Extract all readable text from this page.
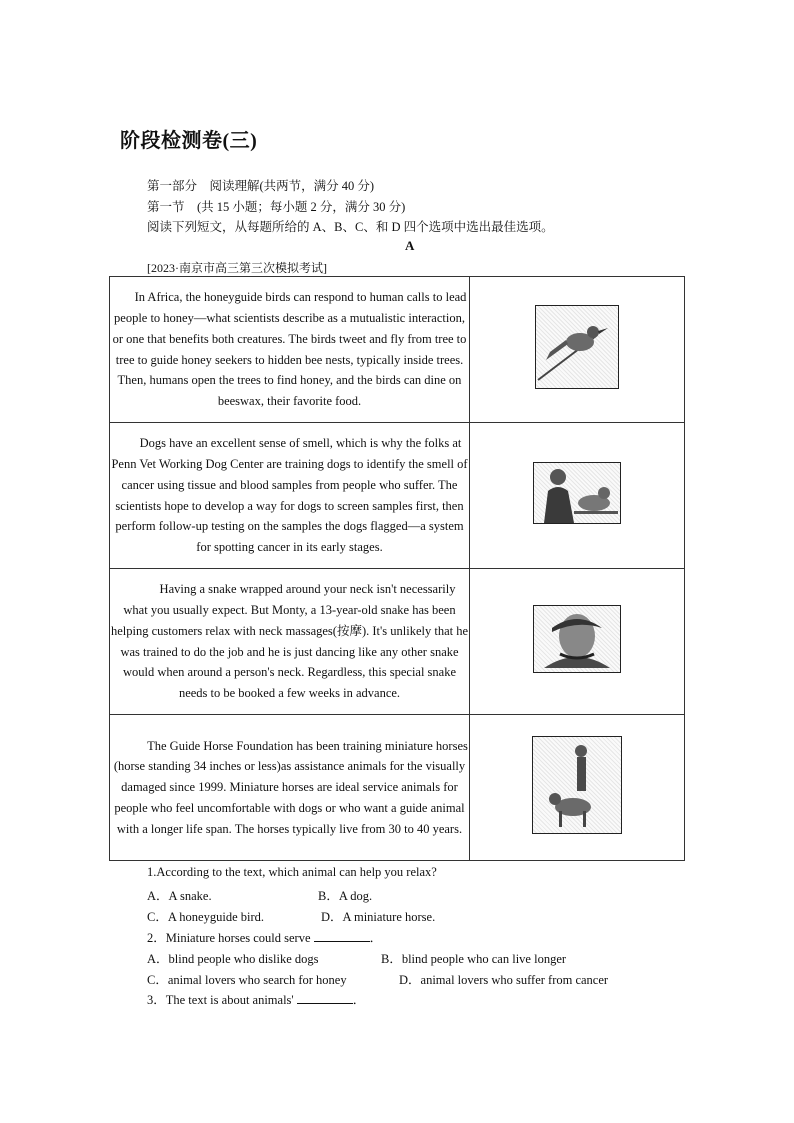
阶段检测卷(三)
第一部分　阅读理解(共两节，满分 40 分)
第一节　(共 15 小题；每小题 2 分，满分 30 分)
阅读下列短文，从每题所给的 A、B、C、和 D 四个选项中选出最佳选项。
A
[2023·南京市高三第三次模拟考试]
In Africa, the honeyguide birds can respond to human calls to lead people to honey—what scientists describe as a mutualistic interaction, or one that benefits both creatures. The birds tweet and fly from tree to tree to guide honey seekers to hidden bee nests, typically inside trees. Then, humans open the trees to find honey, and the birds can dine on beeswax, their favorite food.	
Dogs have an excellent sense of smell, which is why the folks at Penn Vet Working Dog Center are training dogs to identify the smell of cancer using tissue and blood samples from people who suffer. The scientists hope to develop a way for dogs to screen samples first, then perform follow-up testing on the samples the dogs flagged—a system for spotting cancer in its early stages.	
Having a snake wrapped around your neck isn't necessarily what you usually expect. But Monty, a 13-year-old snake has been helping customers relax with neck massages(按摩). It's unlikely that he was trained to do the job and he is just dancing like any other snake would when around a person's neck. Regardless, this special snake needs to be booked a few weeks in advance.	
The Guide Horse Foundation has been training miniature horses (horse standing 34 inches or less)as assistance animals for the visually damaged since 1999. Miniature horses are ideal service animals for people who feel uncomfortable with dogs or who want a guide animal with a longer life span. The horses typically live from 30 to 40 years.	
1.According to the text, which animal can help you relax?
A．A snake.	B．A dog.
C．A honeyguide bird.	D．A miniature horse.
2．Miniature horses could serve	．
A．blind people who dislike dogs	B．blind people who can live longer
C．animal lovers who search for honey	D．animal lovers who suffer from cancer
3．The text is about animals'	．
